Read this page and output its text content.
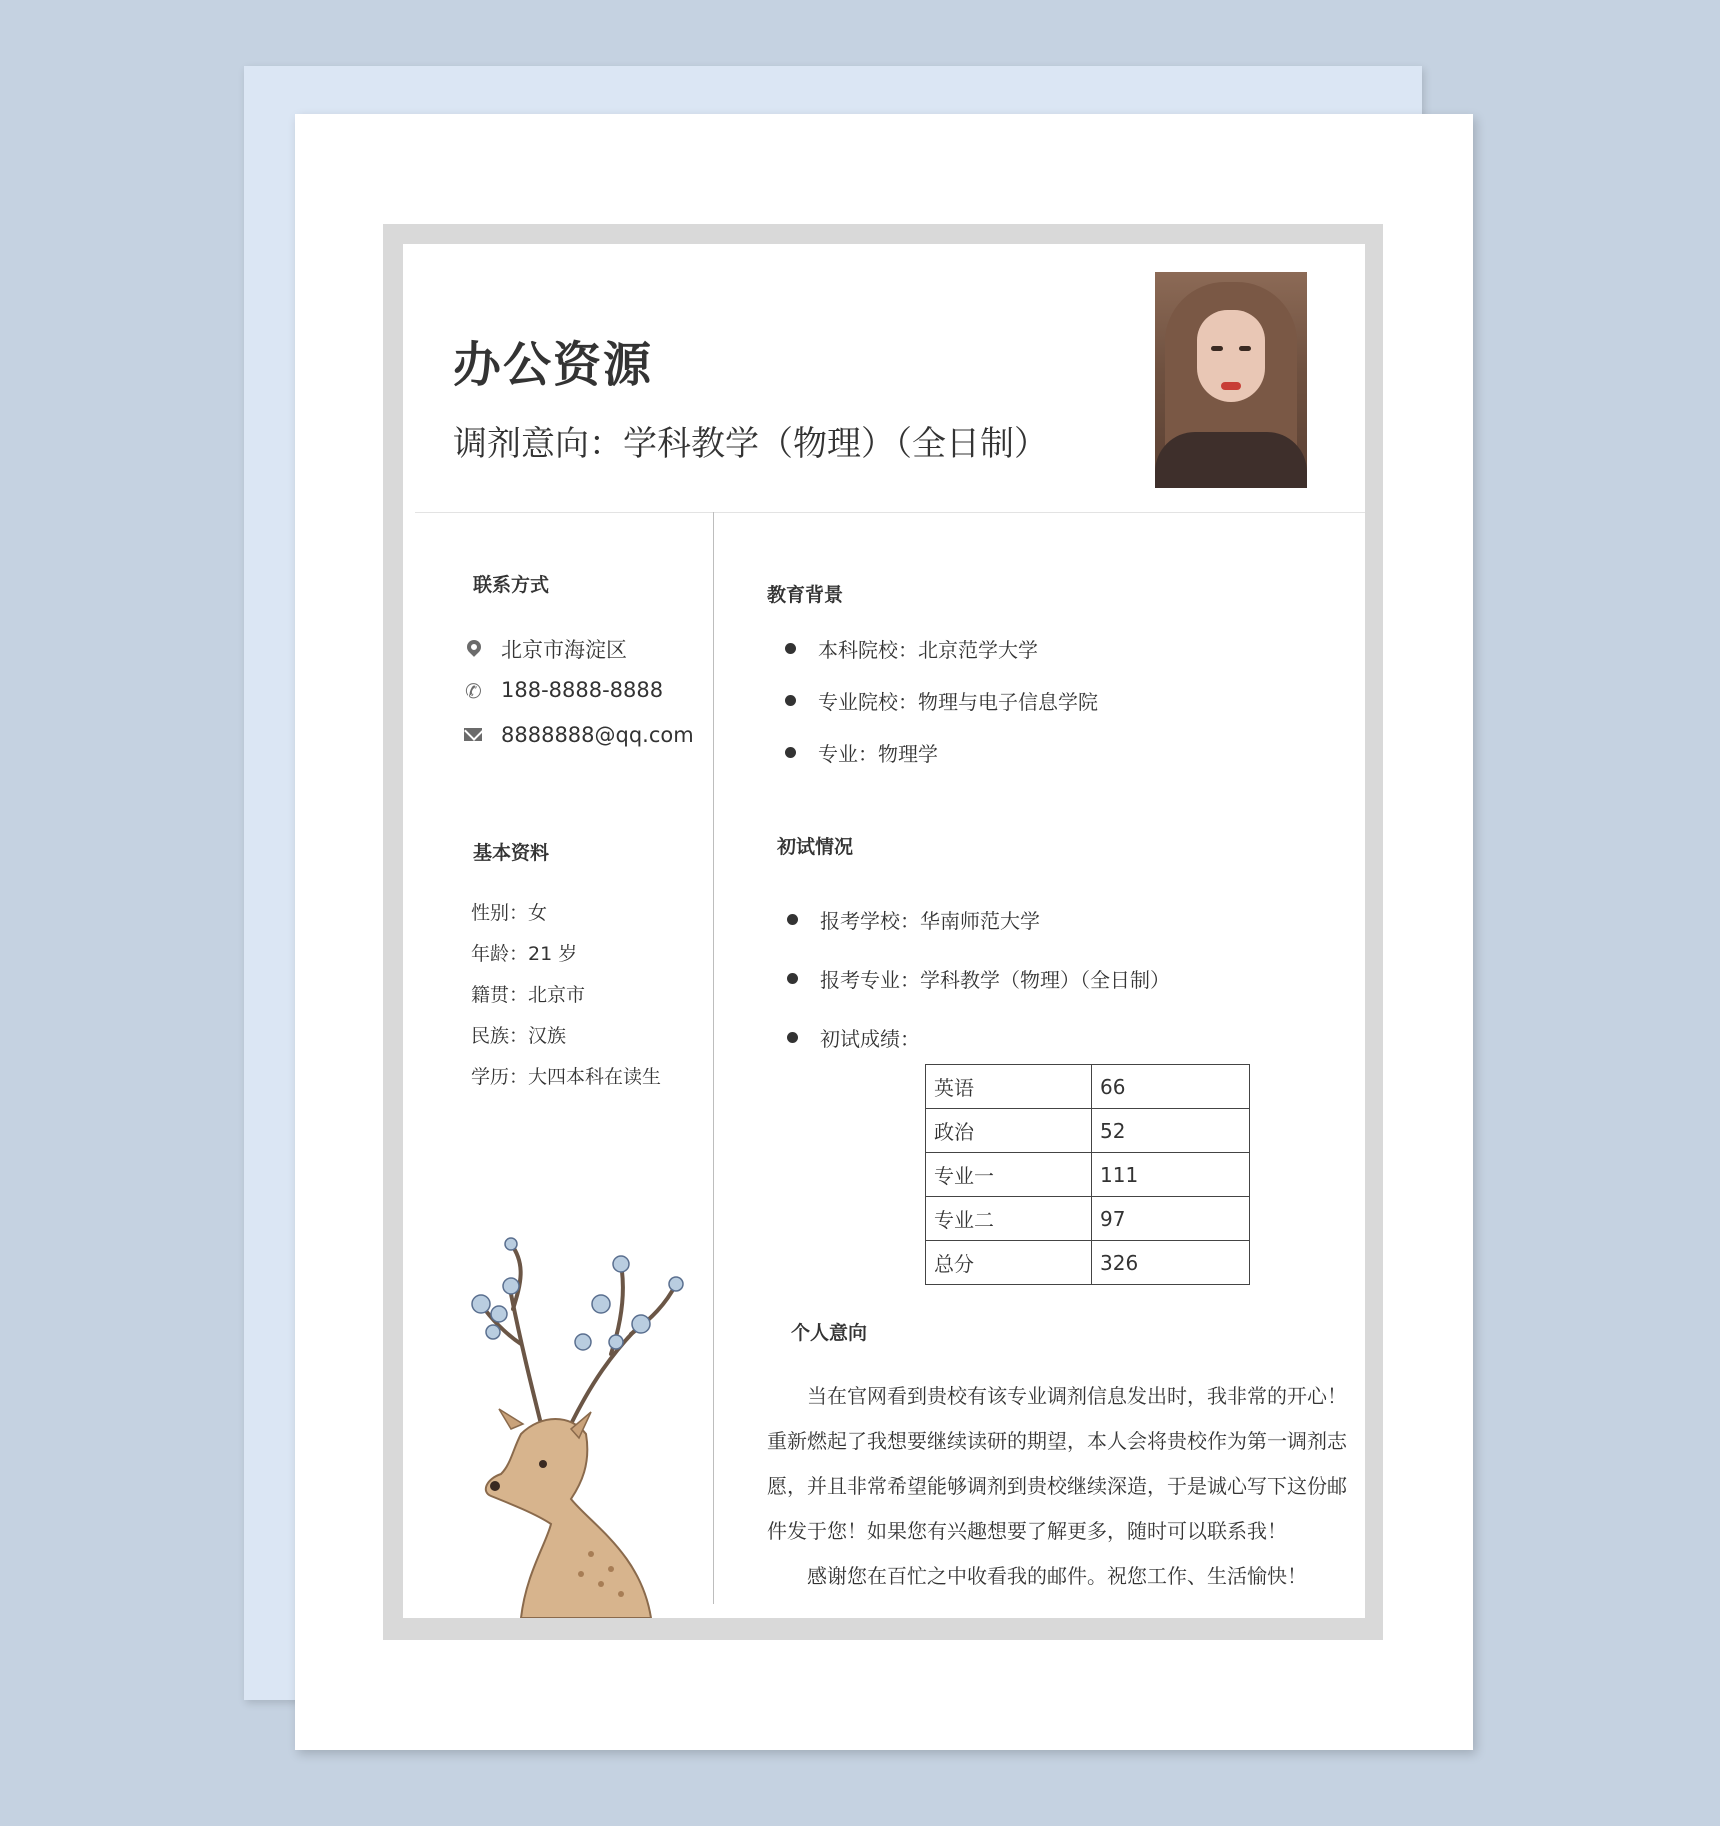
办公资源
调剂意向：学科教学（物理）（全日制）
联系方式
北京市海淀区
✆ 188-8888-8888
8888888@qq.com
基本资料
性别：女
年龄：21 岁
籍贯：北京市
民族：汉族
学历：大四本科在读生
教育背景
本科院校：北京范学大学
专业院校：物理与电子信息学院
专业：物理学
初试情况
报考学校：华南师范大学
报考专业：学科教学（物理）（全日制）
初试成绩：
英语	66
政治	52
专业一	111
专业二	97
总分	326
个人意向

当在官网看到贵校有该专业调剂信息发出时，我非常的开心！重新燃起了我想要继续读研的期望，本人会将贵校作为第一调剂志愿，并且非常希望能够调剂到贵校继续深造，于是诚心写下这份邮件发于您！如果您有兴趣想要了解更多，随时可以联系我！

感谢您在百忙之中收看我的邮件。祝您工作、生活愉快！
